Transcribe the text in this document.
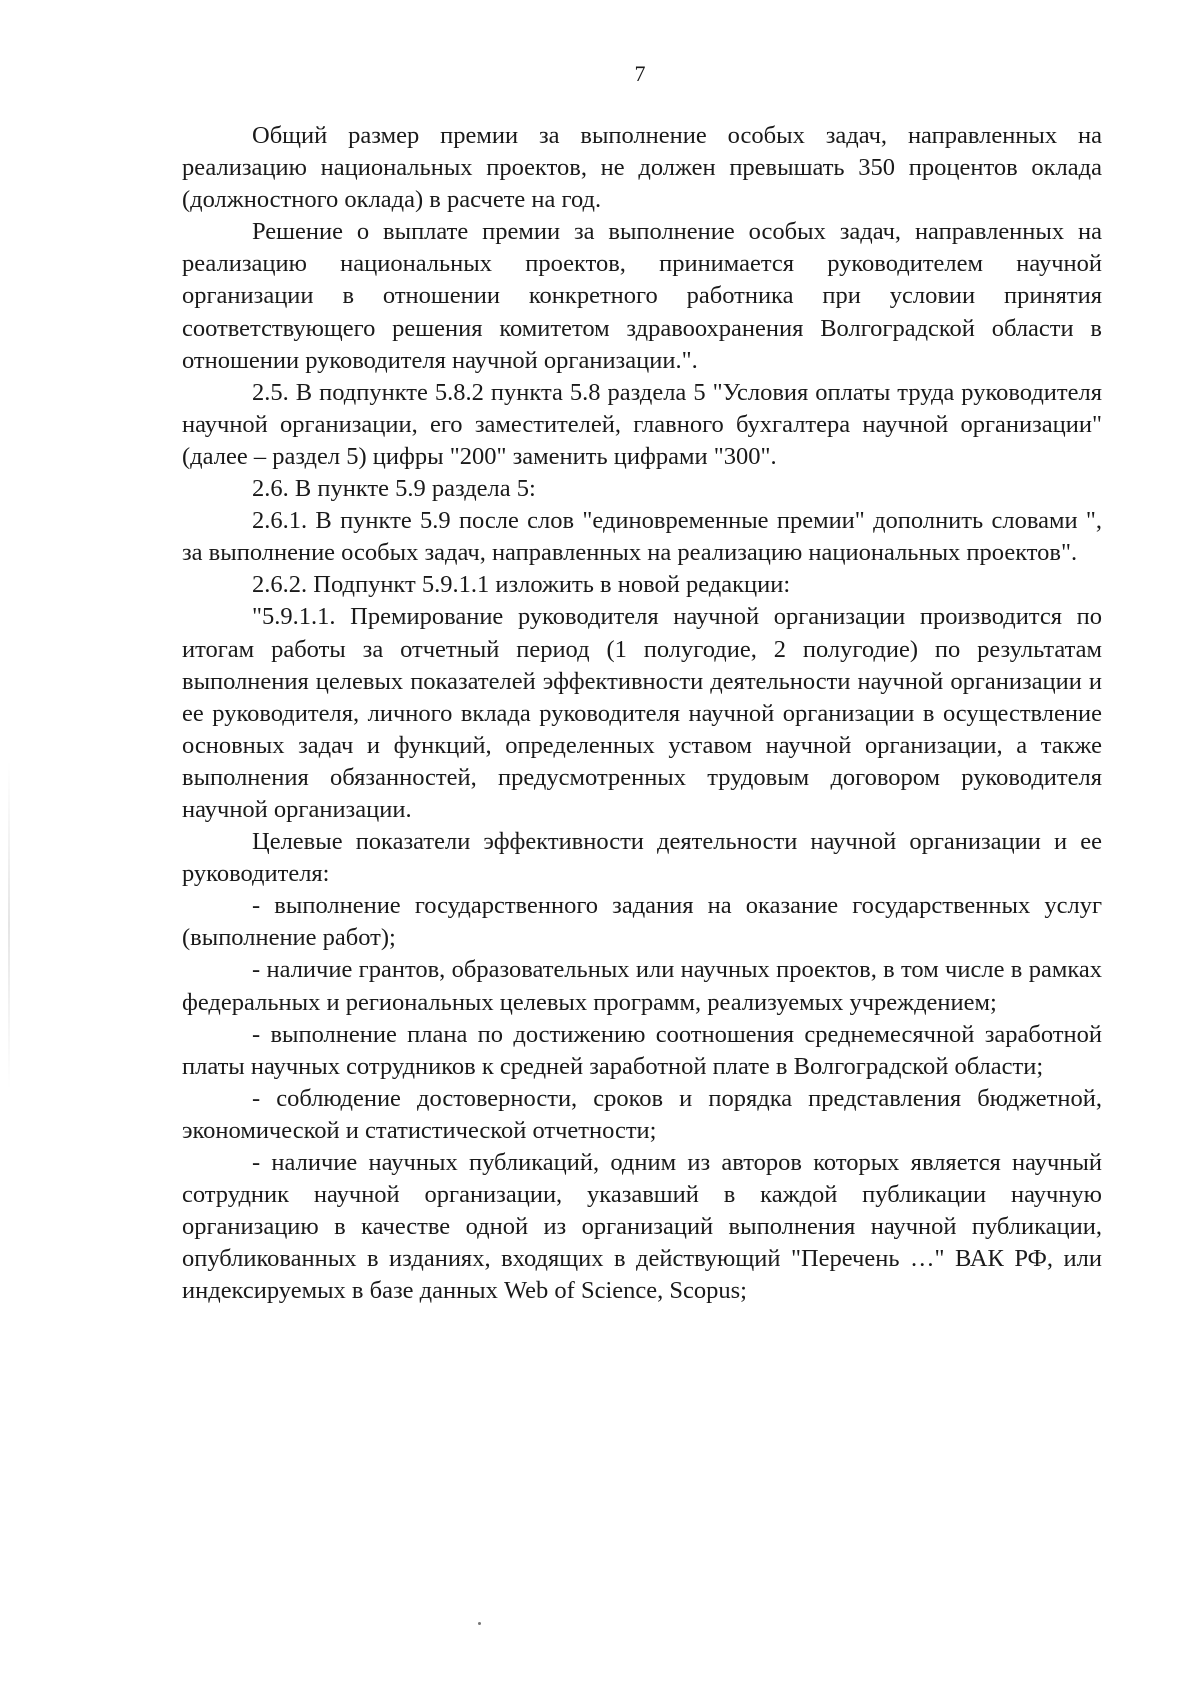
7

Общий размер премии за выполнение особых задач, направленных на реализацию национальных проектов, не должен превышать 350 процентов оклада (должностного оклада) в расчете на год.

Решение о выплате премии за выполнение особых задач, направленных на реализацию национальных проектов, принимается руководителем научной организации в отношении конкретного работника при условии принятия соответствующего решения комитетом здравоохранения Волгоградской области в отношении руководителя научной организации.".

2.5. В подпункте 5.8.2 пункта 5.8 раздела 5 "Условия оплаты труда руководителя научной организации, его заместителей, главного бухгалтера научной организации" (далее – раздел 5) цифры "200" заменить цифрами "300".

2.6. В пункте 5.9 раздела 5:

2.6.1. В пункте 5.9 после слов "единовременные премии" дополнить словами ", за выполнение особых задач, направленных на реализацию национальных проектов".

2.6.2. Подпункт 5.9.1.1 изложить в новой редакции:

"5.9.1.1. Премирование руководителя научной организации производится по итогам работы за отчетный период (1 полугодие, 2 полугодие) по результатам выполнения целевых показателей эффективности деятельности научной организации и ее руководителя, личного вклада руководителя научной организации в осуществление основных задач и функций, определенных уставом научной организации, а также выполнения обязанностей, предусмотренных трудовым договором руководителя научной организации.

Целевые показатели эффективности деятельности научной организации и ее руководителя:

- выполнение государственного задания на оказание государственных услуг (выполнение работ);

- наличие грантов, образовательных или научных проектов, в том числе в рамках федеральных и региональных целевых программ, реализуемых учреждением;

- выполнение плана по достижению соотношения среднемесячной заработной платы научных сотрудников к средней заработной плате в Волгоградской области;

- соблюдение достоверности, сроков и порядка представления бюджетной, экономической и статистической отчетности;

- наличие научных публикаций, одним из авторов которых является научный сотрудник научной организации, указавший в каждой публикации научную организацию в качестве одной из организаций выполнения научной публикации, опубликованных в изданиях, входящих в действующий "Перечень …" ВАК РФ, или индексируемых в базе данных Web of Science, Scopus;
